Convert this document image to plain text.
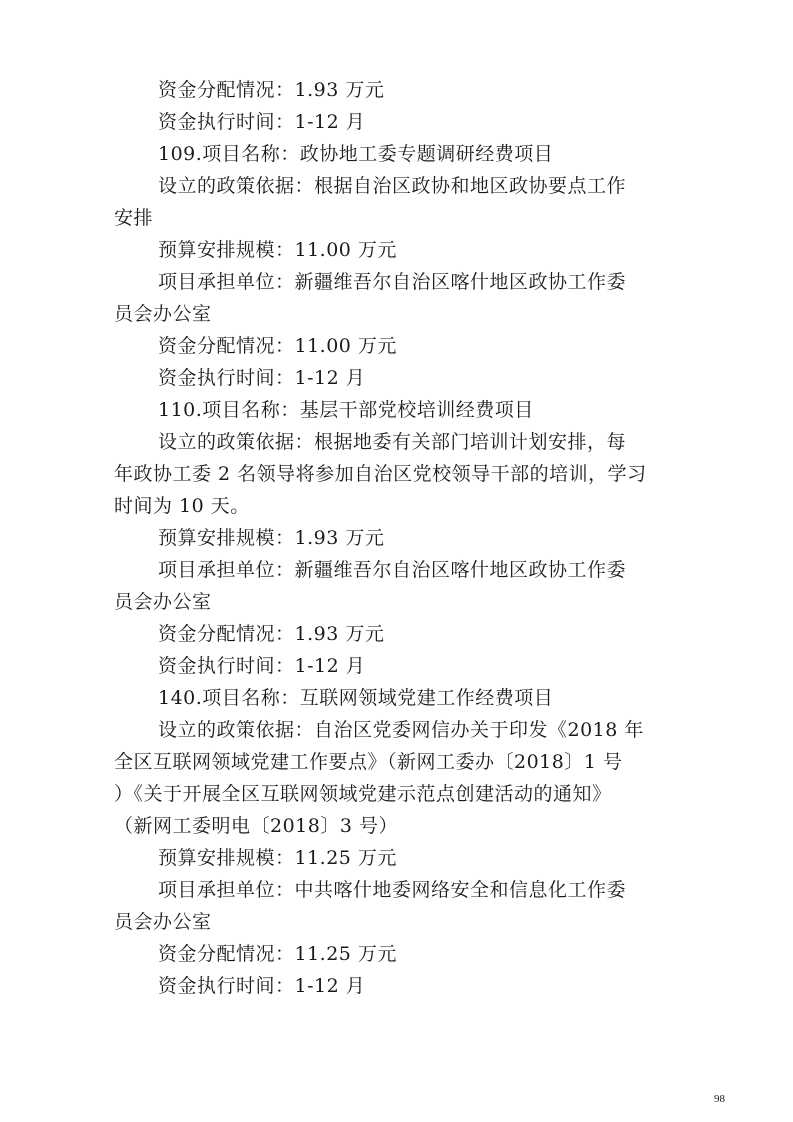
资金分配情况：1.93 万元
资金执行时间：1-12 月
109.项目名称：政协地工委专题调研经费项目
设立的政策依据：根据自治区政协和地区政协要点工作
安排
预算安排规模：11.00 万元
项目承担单位：新疆维吾尔自治区喀什地区政协工作委
员会办公室
资金分配情况：11.00 万元
资金执行时间：1-12 月
110.项目名称：基层干部党校培训经费项目
设立的政策依据：根据地委有关部门培训计划安排，每
年政协工委 2 名领导将参加自治区党校领导干部的培训，学习
时间为 10 天。
预算安排规模：1.93 万元
项目承担单位：新疆维吾尔自治区喀什地区政协工作委
员会办公室
资金分配情况：1.93 万元
资金执行时间：1-12 月
140.项目名称：互联网领域党建工作经费项目
设立的政策依据：自治区党委网信办关于印发《2018 年
全区互联网领域党建工作要点》（新网工委办〔2018〕1 号
）《关于开展全区互联网领域党建示范点创建活动的通知》
（新网工委明电〔2018〕3 号）
预算安排规模：11.25 万元
项目承担单位：中共喀什地委网络安全和信息化工作委
员会办公室
资金分配情况：11.25 万元
资金执行时间：1-12 月
98
